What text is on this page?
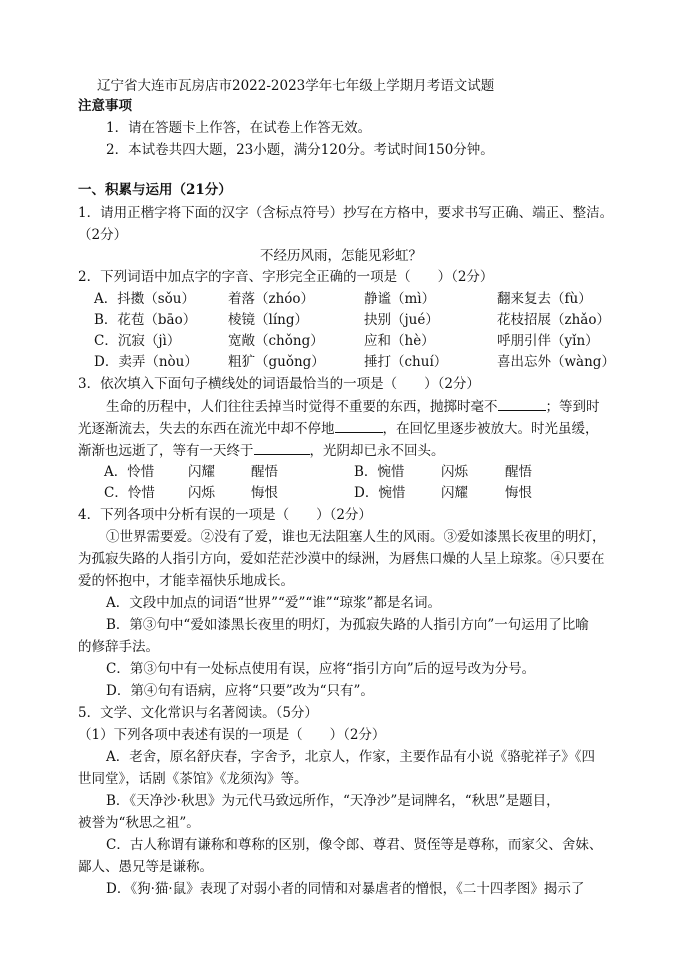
辽宁省大连市瓦房店市2022-2023学年七年级上学期月考语文试题
注意事项
1．请在答题卡上作答，在试卷上作答无效。
2．本试卷共四大题，23小题，满分120分。考试时间150分钟。
一、积累与运用（21分）
1．请用正楷字将下面的汉字（含标点符号）抄写在方格中，要求书写正确、端正、整洁。
（2分）
不经历风雨，怎能见彩虹？
2．下列词语中加点字的字音、字形完全正确的一项是（　　）（2分）
A．抖擞（sǒu） 着落（zhóo）	静谧（mì）	翻来复去（fù）
B．花苞（bāo） 棱镜（líng）	抉别（jué）	花枝招展（zhǎo）
C．沉寂（jì）	宽敞（chǒng）	应和（hè）	呼朋引伴（yǐn）
D．卖弄（nòu） 粗犷（guǒng）	捶打（chuí）	喜出忘外（wàng）
3．依次填入下面句子横线处的词语最恰当的一项是（　　）（2分）
生命的历程中，人们往往丢掉当时觉得不重要的东西，抛掷时毫不	；等到时
光逐渐流去，失去的东西在流光中却不停地	，在回忆里逐步被放大。时光虽缓，
渐渐也远逝了，等有一天终于	，光阴却已永不回头。
A．怜惜	闪耀	醒悟	B．惋惜	闪烁	醒悟
C．怜惜 闪烁	悔恨	D．惋惜	闪耀	悔恨
4．下列各项中分析有误的一项是（　　）（2分）
①世界需要爱。②没有了爱，谁也无法阻塞人生的风雨。③爱如漆黑长夜里的明灯，
为孤寂失路的人指引方向，爱如茫茫沙漠中的绿洲，为唇焦口燥的人呈上琼浆。④只要在
爱的怀抱中，才能幸福快乐地成长。
A．文段中加点的词语“世界”“爱”“谁”“琼浆”都是名词。
B．第③句中“爱如漆黑长夜里的明灯，为孤寂失路的人指引方向”一句运用了比喻
的修辞手法。
C．第③句中有一处标点使用有误，应将“指引方向”后的逗号改为分号。
D．第④句有语病，应将“只要”改为“只有”。
5．文学、文化常识与名著阅读。（5分）
（1）下列各项中表述有误的一项是（　　）（2分）
A．老舍，原名舒庆春，字舍予，北京人，作家，主要作品有小说《骆驼祥子》《四
世同堂》，话剧《茶馆》《龙须沟》等。
B．《天净沙·秋思》为元代马致远所作，“天净沙”是词牌名，“秋思”是题目，
被誉为“秋思之祖”。
C．古人称谓有谦称和尊称的区别，像令郎、尊君、贤侄等是尊称，而家父、舍妹、
鄙人、愚兄等是谦称。
D．《狗·猫·鼠》表现了对弱小者的同情和对暴虐者的憎恨，《二十四孝图》揭示了
